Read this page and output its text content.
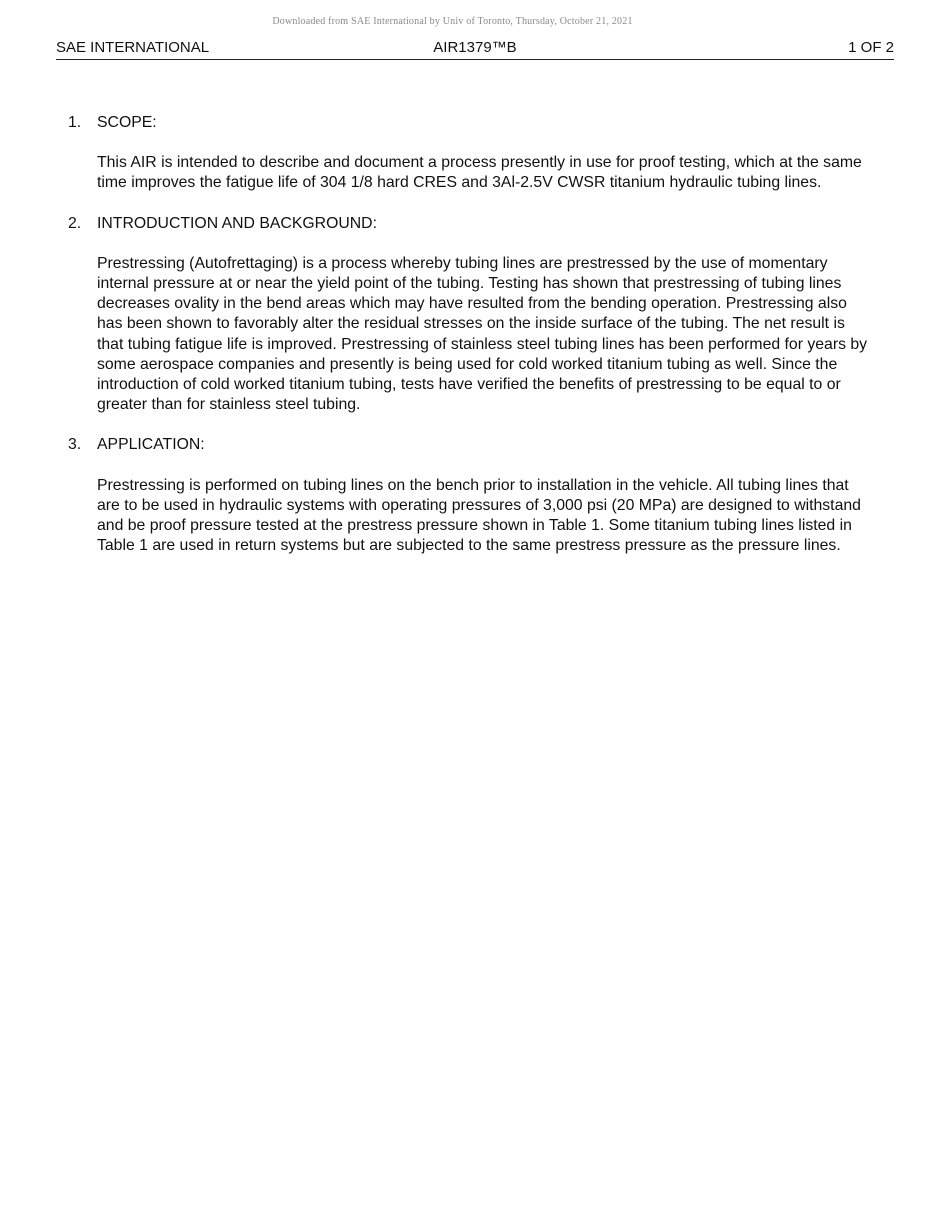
Downloaded from SAE International by Univ of Toronto, Thursday, October 21, 2021
SAE INTERNATIONAL	AIR1379™B	1 OF 2
1.	SCOPE:

This AIR is intended to describe and document a process presently in use for proof testing, which at the same time improves the fatigue life of 304 1/8 hard CRES and 3Al-2.5V CWSR titanium hydraulic tubing lines.

2.	INTRODUCTION AND BACKGROUND:

Prestressing (Autofrettaging) is a process whereby tubing lines are prestressed by the use of momentary internal pressure at or near the yield point of the tubing. Testing has shown that prestressing of tubing lines decreases ovality in the bend areas which may have resulted from the bending operation. Prestressing also has been shown to favorably alter the residual stresses on the inside surface of the tubing. The net result is that tubing fatigue life is improved. Prestressing of stainless steel tubing lines has been performed for years by some aerospace companies and presently is being used for cold worked titanium tubing as well. Since the introduction of cold worked titanium tubing, tests have verified the benefits of prestressing to be equal to or greater than for stainless steel tubing.

3.	APPLICATION:

Prestressing is performed on tubing lines on the bench prior to installation in the vehicle. All tubing lines that are to be used in hydraulic systems with operating pressures of 3,000 psi (20 MPa) are designed to withstand and be proof pressure tested at the prestress pressure shown in Table 1. Some titanium tubing lines listed in Table 1 are used in return systems but are subjected to the same prestress pressure as the pressure lines.
